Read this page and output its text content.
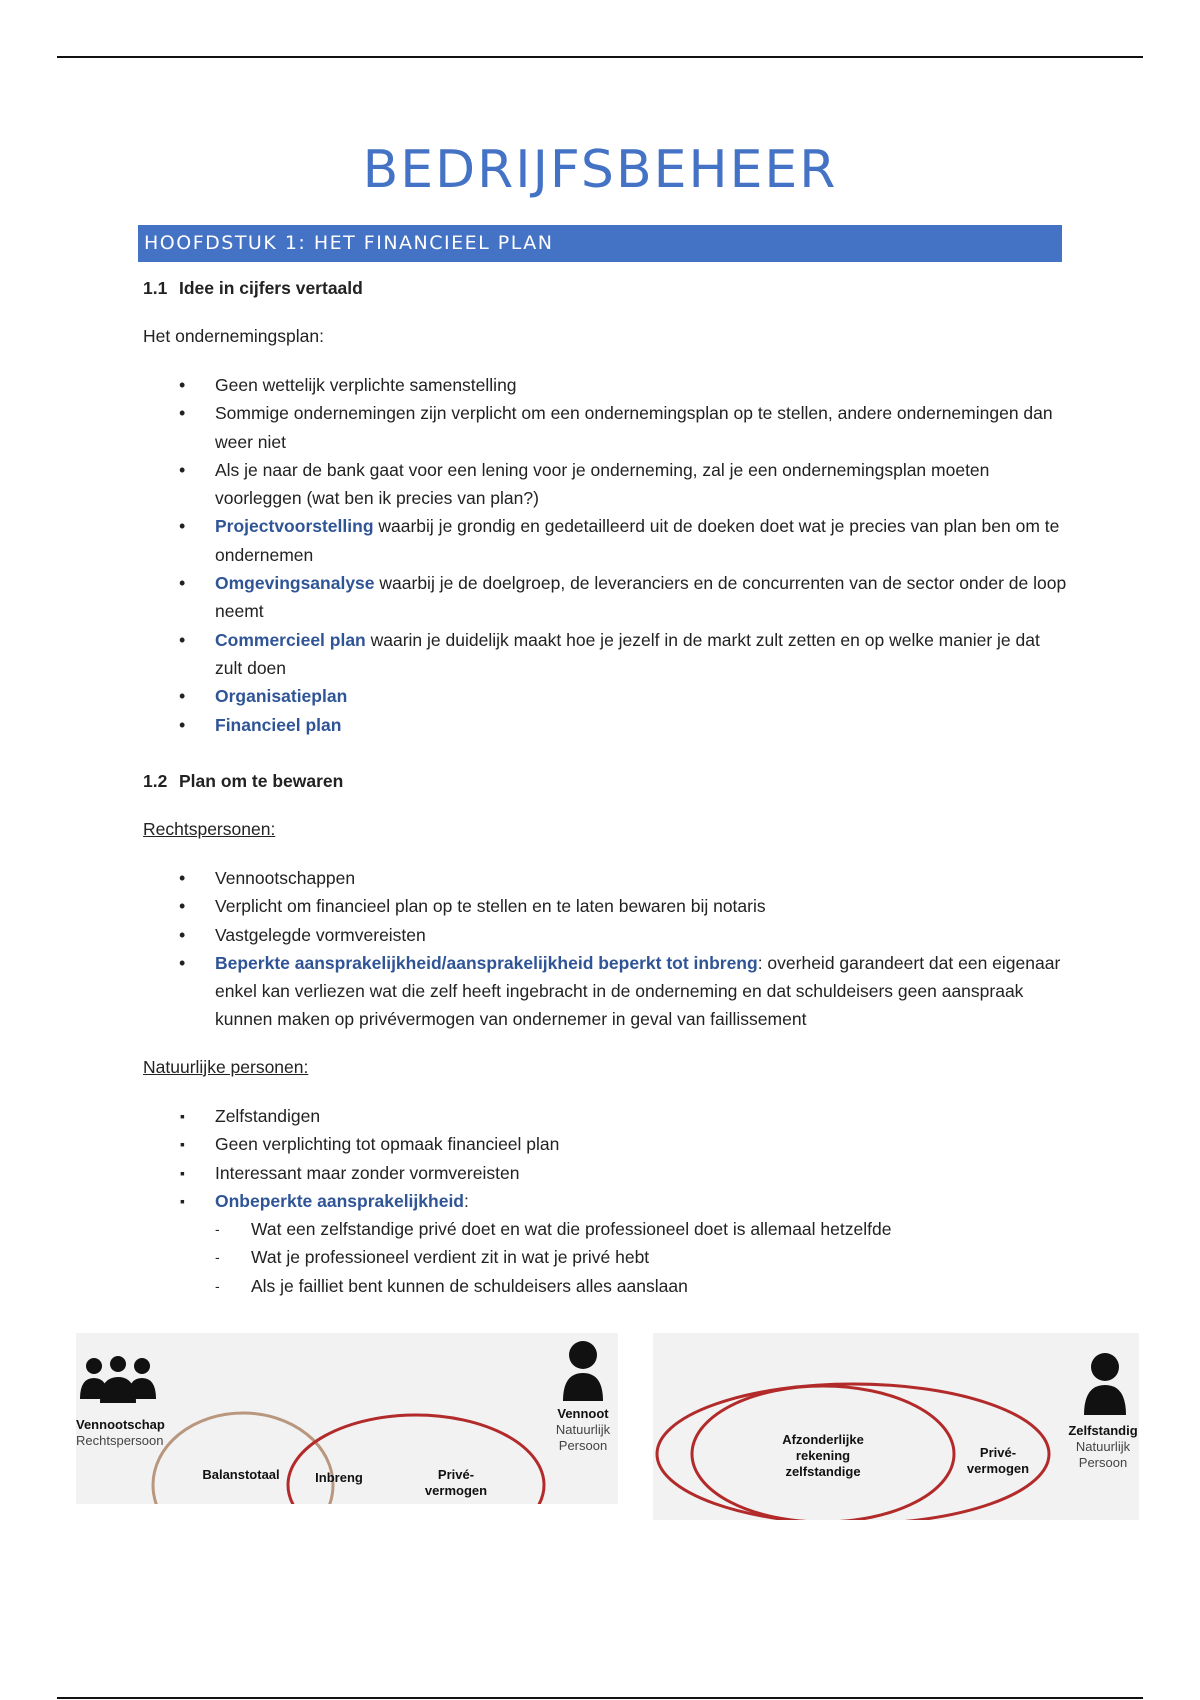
BEDRIJFSBEHEER
HOOFDSTUK 1: HET FINANCIEEL PLAN
1.1 Idee in cijfers vertaald
Het ondernemingsplan:
• Geen wettelijk verplichte samenstelling
• Sommige ondernemingen zijn verplicht om een ondernemingsplan op te stellen, andere ondernemingen dan weer niet
• Als je naar de bank gaat voor een lening voor je onderneming, zal je een ondernemingsplan moeten voorleggen (wat ben ik precies van plan?)
• Projectvoorstelling waarbij je grondig en gedetailleerd uit de doeken doet wat je precies van plan ben om te ondernemen
• Omgevingsanalyse waarbij je de doelgroep, de leveranciers en de concurrenten van de sector onder de loop neemt
• Commercieel plan waarin je duidelijk maakt hoe je jezelf in de markt zult zetten en op welke manier je dat zult doen
• Organisatieplan
• Financieel plan
1.2 Plan om te bewaren
Rechtspersonen:
• Vennootschappen
• Verplicht om financieel plan op te stellen en te laten bewaren bij notaris
• Vastgelegde vormvereisten
• Beperkte aansprakelijkheid/aansprakelijkheid beperkt tot inbreng: overheid garandeert dat een eigenaar enkel kan verliezen wat die zelf heeft ingebracht in de onderneming en dat schuldeisers geen aanspraak kunnen maken op privévermogen van ondernemer in geval van faillissement
Natuurlijke personen:
▪ Zelfstandigen
▪ Geen verplichting tot opmaak financieel plan
▪ Interessant maar zonder vormvereisten
▪ Onbeperkte aansprakelijkheid:
- Wat een zelfstandige privé doet en wat die professioneel doet is allemaal hetzelfde
- Wat je professioneel verdient zit in wat je privé hebt
- Als je failliet bent kunnen de schuldeisers alles aanslaan
Vennootschap
Rechtspersoon
Vennoot
Natuurlijk
Persoon
Balanstotaal	Inbreng	Privé-
vermogen
Zelfstandig
Natuurlijk
Persoon
Afzonderlijke
rekening
zelfstandige
Privé-
vermogen
